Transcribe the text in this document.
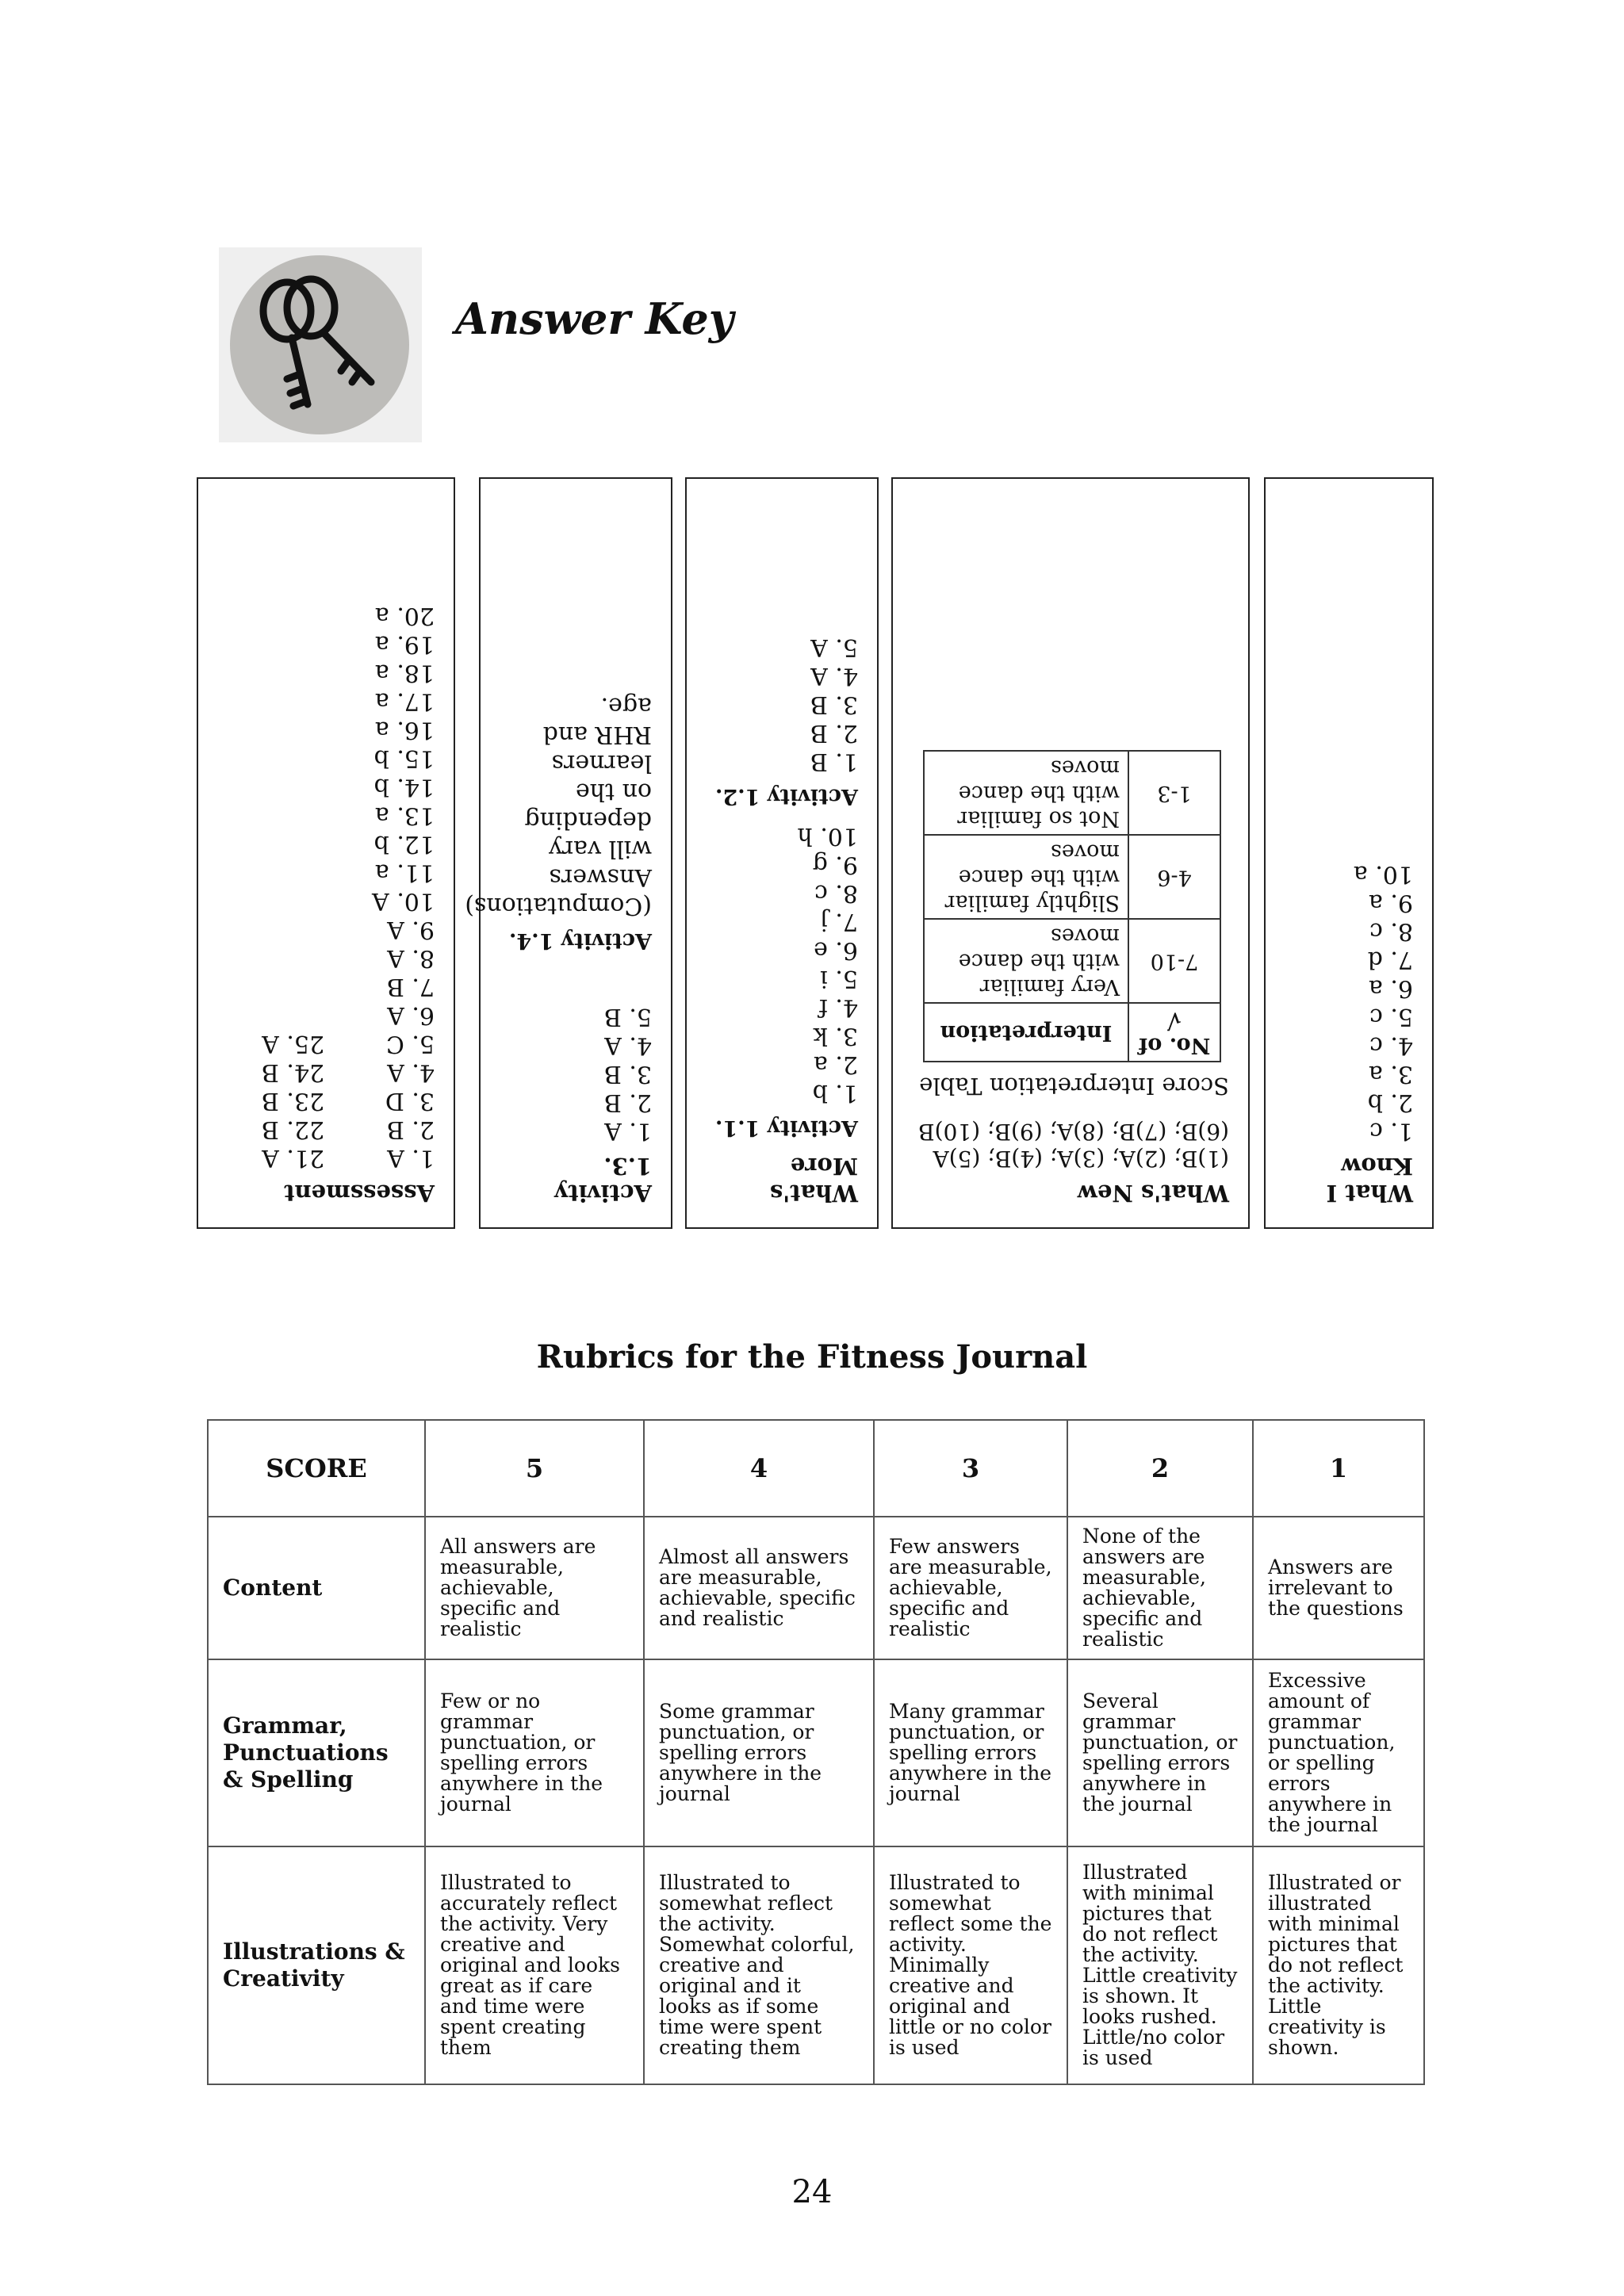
Answer Key
What I Know
1. c
2. b
3. a
4. c
5. c
6. a
7. d
8. c
9. a
10. a
What's New
(1)B; (2)A; (3)A; (4)B; (5)A (6)B; (7)B; (8)A; (9)B; (10)B
Score Interpretation Table
No. of √	Interpretation
7-10	Very familiar with the dance moves
4-6	Slightly familiar with the dance moves
1-3	Not so familiar with the dance moves
What's More
Activity 1.1.
1. b
2. a
3. k
4. f
5. i
6. e
7. j
8. c
9. g
10. h
Activity 1.2.
1. B
2. B
3. B
4. A
5. A
Activity 1.3.
1. A
2. B
3. B
4. A
5. B
Activity 1.4.
(Computations) Answers will vary depending on the learners RHR and age.
Assessment
1. A
2. B
3. D
4. A
5. C
6. A
7. B
8. A
9. A
10. A
11. a
12. b
13. a
14. b
15. b
16. a
17. a
18. a
19. a
20. a
21. A
22. B
23. B
24. B
25. A
Rubrics for the Fitness Journal
SCORE	5	4	3	2	1
Content	All answers are measurable, achievable, specific and realistic	Almost all answers are measurable, achievable, specific and realistic	Few answers are measurable, achievable, specific and realistic	None of the answers are measurable, achievable, specific and realistic	Answers are irrelevant to the questions
Grammar, Punctuations & Spelling	Few or no grammar punctuation, or spelling errors anywhere in the journal	Some grammar punctuation, or spelling errors anywhere in the journal	Many grammar punctuation, or spelling errors anywhere in the journal	Several grammar punctuation, or spelling errors anywhere in the journal	Excessive amount of grammar punctuation, or spelling errors anywhere in the journal
Illustrations & Creativity	Illustrated to accurately reflect the activity. Very creative and original and looks great as if care and time were spent creating them	Illustrated to somewhat reflect the activity. Somewhat colorful, creative and original and it looks as if some time were spent creating them	Illustrated to somewhat reflect some the activity. Minimally creative and original and little or no color is used	Illustrated with minimal pictures that do not reflect the activity. Little creativity is shown. It looks rushed. Little/no color is used	Illustrated or illustrated with minimal pictures that do not reflect the activity. Little creativity is shown.
24
